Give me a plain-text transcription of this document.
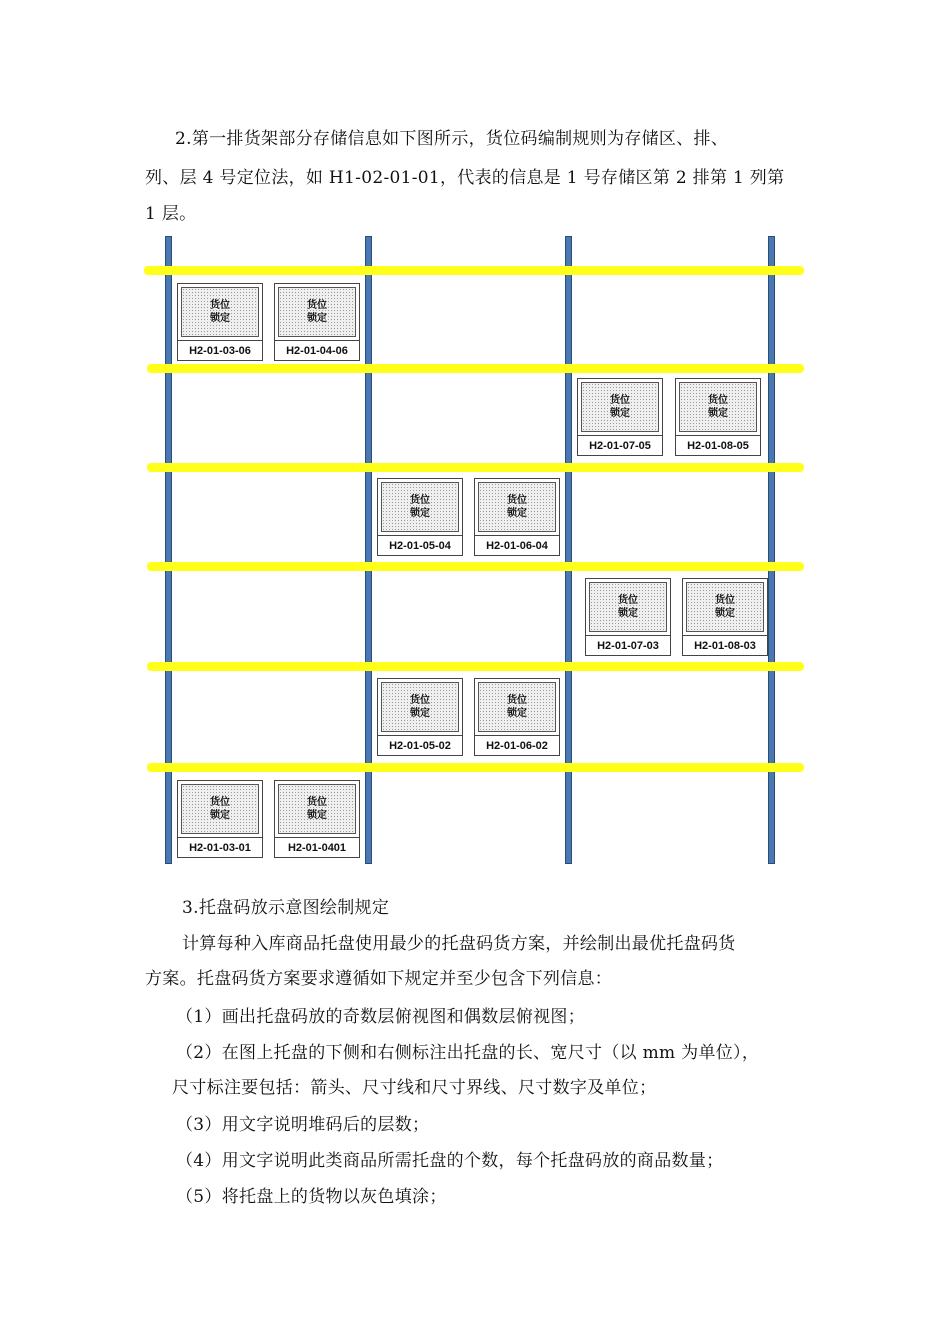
2.第一排货架部分存储信息如下图所示，货位码编制规则为存储区、排、
列、层 4 号定位法，如 H1-02-01-01，代表的信息是 1 号存储区第 2 排第 1 列第
1 层。
货位
锁定
H2-01-03-06
货位
锁定
H2-01-04-06
货位
锁定
H2-01-07-05
货位
锁定
H2-01-08-05
货位
锁定
H2-01-05-04
货位
锁定
H2-01-06-04
货位
锁定
H2-01-07-03
货位
锁定
H2-01-08-03
货位
锁定
H2-01-05-02
货位
锁定
H2-01-06-02
货位
锁定
H2-01-03-01
货位
锁定
H2-01-0401
3.托盘码放示意图绘制规定
计算每种入库商品托盘使用最少的托盘码货方案，并绘制出最优托盘码货
方案。托盘码货方案要求遵循如下规定并至少包含下列信息：
（1）画出托盘码放的奇数层俯视图和偶数层俯视图；
（2）在图上托盘的下侧和右侧标注出托盘的长、宽尺寸（以 mm 为单位），
尺寸标注要包括：箭头、尺寸线和尺寸界线、尺寸数字及单位；
（3）用文字说明堆码后的层数；
（4）用文字说明此类商品所需托盘的个数，每个托盘码放的商品数量；
（5）将托盘上的货物以灰色填涂；
